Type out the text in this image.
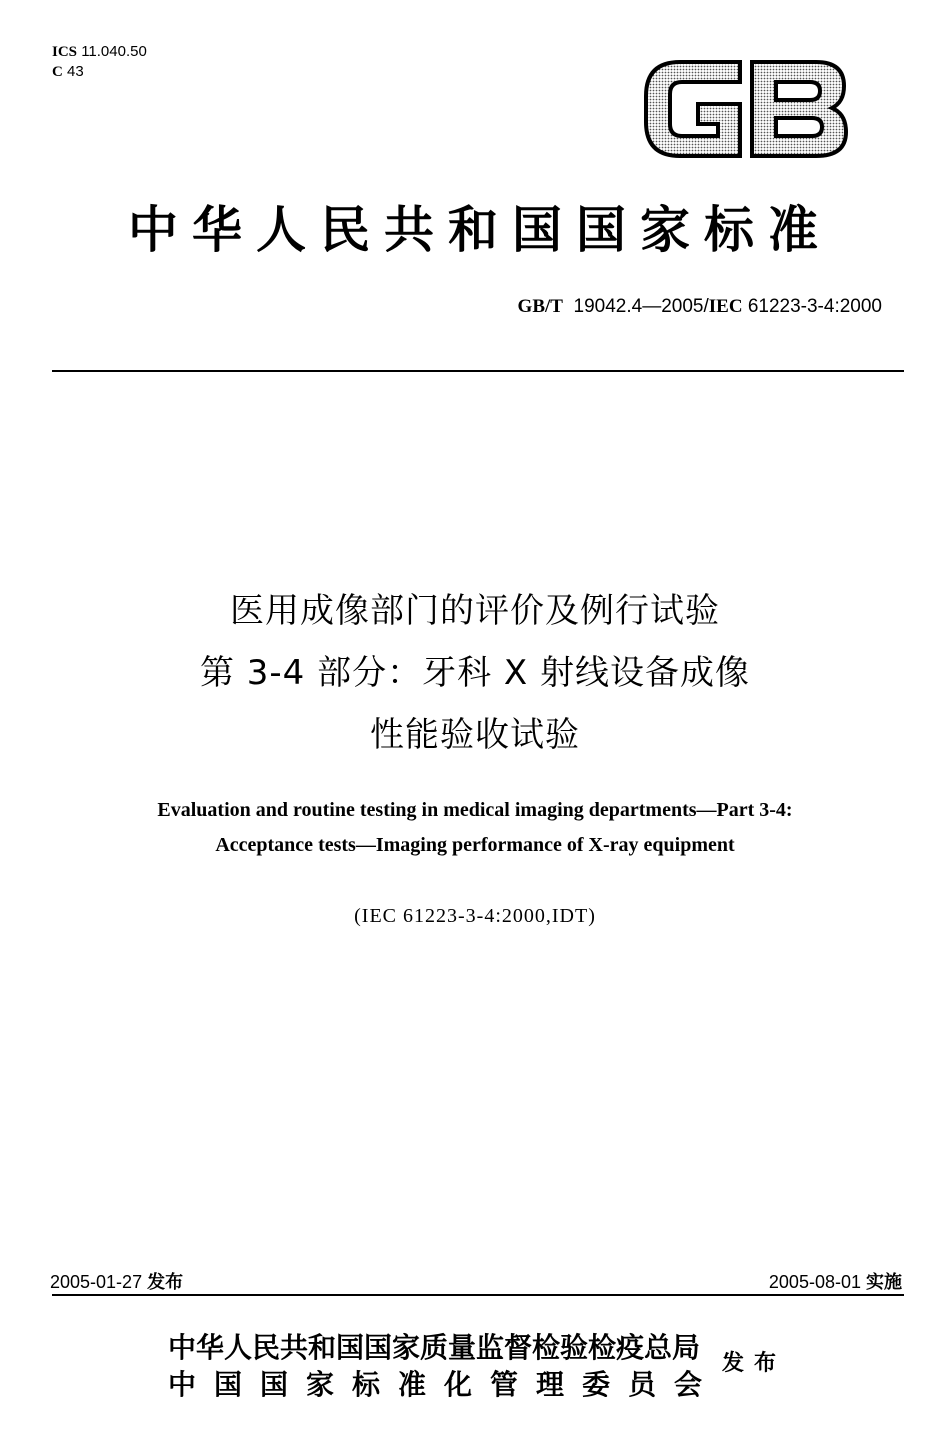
ICS 11.040.50
C 43
中华人民共和国国家标准
GB/T 19042.4—2005/IEC 61223-3-4:2000
医用成像部门的评价及例行试验
第 3-4 部分：牙科 X 射线设备成像
性能验收试验
Evaluation and routine testing in medical imaging departments—Part 3-4:
Acceptance tests—Imaging performance of X-ray equipment
(IEC 61223-3-4:2000,IDT)
2005-01-27 发布	2005-08-01 实施
中华人民共和国国家质量监督检验检疫总局
中国国家标准化管理委员会
发布
